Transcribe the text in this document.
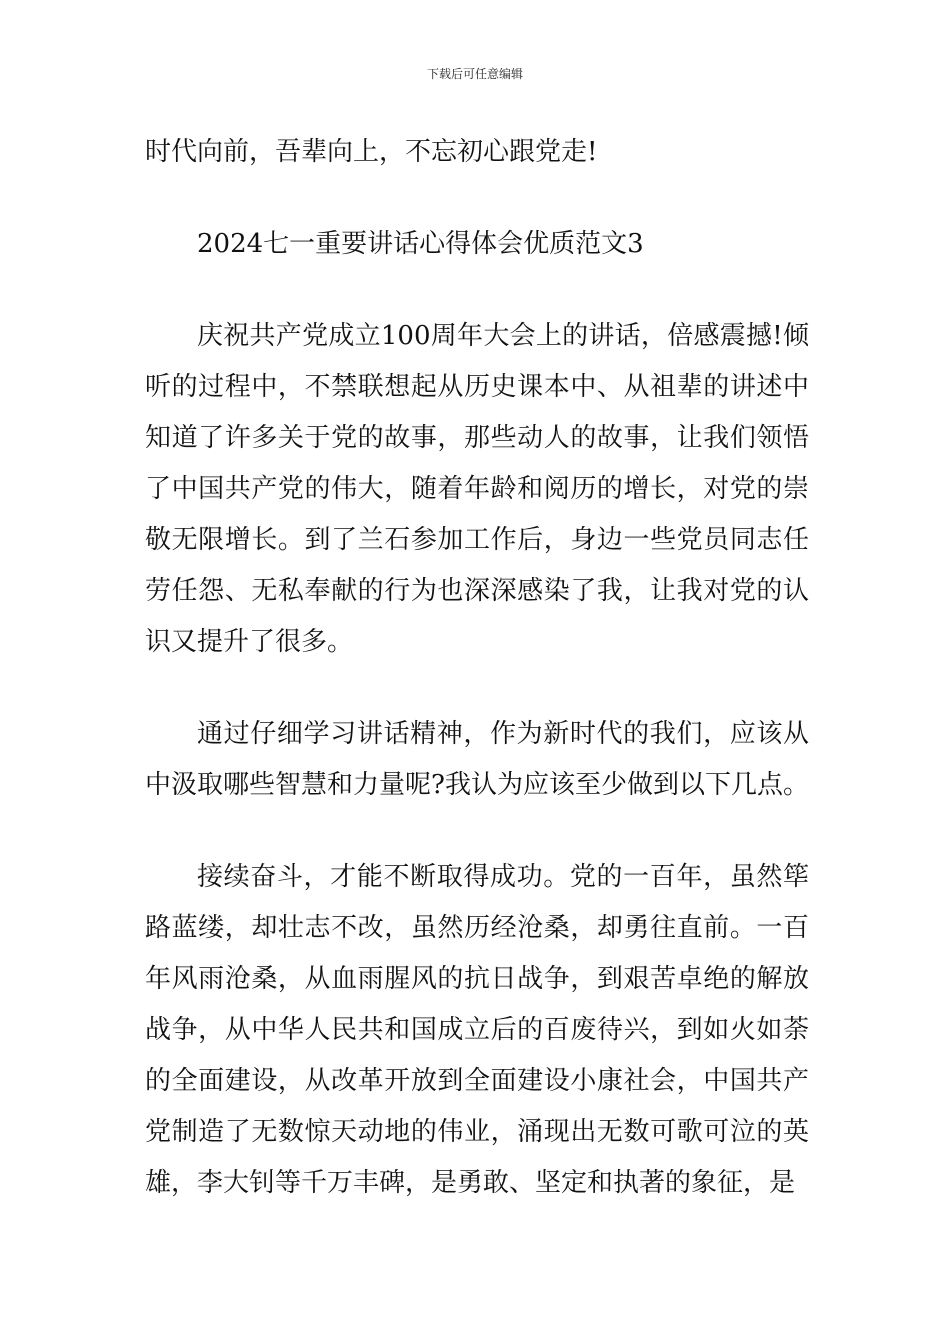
下载后可任意编辑

时代向前，吾辈向上，不忘初心跟党走!

2024七一重要讲话心得体会优质范文3

庆祝共产党成立100周年大会上的讲话，倍感震撼!倾听的过程中，不禁联想起从历史课本中、从祖辈的讲述中知道了许多关于党的故事，那些动人的故事，让我们领悟了中国共产党的伟大，随着年龄和阅历的增长，对党的崇敬无限增长。到了兰石参加工作后，身边一些党员同志任劳任怨、无私奉献的行为也深深感染了我，让我对党的认识又提升了很多。

通过仔细学习讲话精神，作为新时代的我们，应该从中汲取哪些智慧和力量呢?我认为应该至少做到以下几点。

接续奋斗，才能不断取得成功。党的一百年，虽然筚路蓝缕，却壮志不改，虽然历经沧桑，却勇往直前。一百年风雨沧桑，从血雨腥风的抗日战争，到艰苦卓绝的解放战争，从中华人民共和国成立后的百废待兴，到如火如荼的全面建设，从改革开放到全面建设小康社会，中国共产党制造了无数惊天动地的伟业，涌现出无数可歌可泣的英雄，李大钊等千万丰碑，是勇敢、坚定和执著的象征，是
